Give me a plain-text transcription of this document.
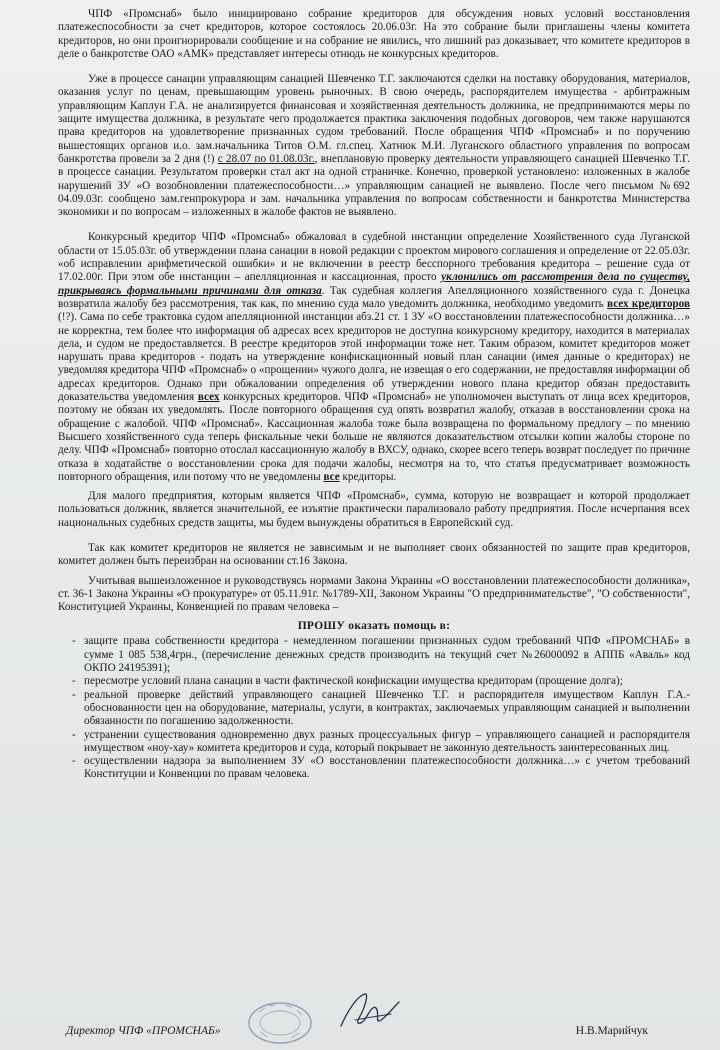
ЧПФ «Промснаб» было инициировано собрание кредиторов для обсуждения новых условий восстановления платежеспособности за счет кредиторов, которое состоялось 20.06.03г. На это собрание были приглашены члены комитета кредиторов, но они проигнорировали сообщение и на собрание не явились, что лишний раз доказывает, что комитете кредиторов в деле о банкротстве ОАО «АМК» представляет интересы отнюдь не конкурсных кредиторов.

Уже в процессе санации управляющим санацией Шевченко Т.Г. заключаются сделки на поставку оборудования, материалов, оказания услуг по ценам, превышающим уровень рыночных. В свою очередь, распорядителем имущества - арбитражным управляющим Каплун Г.А. не анализируется финансовая и хозяйственная деятельность должника, не предпринимаются меры по защите имущества должника, в результате чего продолжается практика заключения подобных договоров, чем также нарушаются права кредиторов на удовлетворение признанных судом требований. После обращения ЧПФ «Промснаб» и по поручению вышестоящих органов и.о. зам.начальника Титов О.М. гл.спец. Хатнюк М.И. Луганского областного управления по вопросам банкротства провели за 2 дня (!) с 28.07 по 01.08.03г., внеплановую проверку деятельности управляющего санацией Шевченко Т.Г. в процессе санации. Результатом проверки стал акт на одной страничке. Конечно, проверкой установлено: изложенных в жалобе нарушений ЗУ «О возобновлении платежеспособности…» управляющим санацией не выявлено. После чего письмом №692 04.09.03г. сообщено зам.генпрокурора и зам. начальника управления по вопросам собственности и банкротства Министерства экономики и по вопросам – изложенных в жалобе фактов не выявлено.

Конкурсный кредитор ЧПФ «Промснаб» обжаловал в судебной инстанции определение Хозяйственного суда Луганской области от 15.05.03г. об утверждении плана санации в новой редакции с проектом мирового соглашения и определение от 22.05.03г. «об исправлении арифметической ошибки» и не включении в реестр бесспорного требования кредитора – решение суда от 17.02.00г. При этом обе инстанции – апелляционная и кассационная, просто уклонились от рассмотрения дела по существу, прикрываясь формальными причинами для отказа. Так судебная коллегия Апелляционного хозяйственного суда г. Донецка возвратила жалобу без рассмотрения, так как, по мнению суда мало уведомить должника, необходимо уведомить всех кредиторов (!?). Сама по себе трактовка судом апелляционной инстанции абз.21 ст. 1 ЗУ «О восстановлении платежеспособности должника…» не корректна, тем более что информация об адресах всех кредиторов не доступна конкурсному кредитору, находится в материалах дела, и судом не предоставляется. В реестре кредиторов этой информации тоже нет. Таким образом, комитет кредиторов может нарушать права кредиторов - подать на утверждение конфискационный новый план санации (имея данные о кредиторах) не уведомляя кредитора ЧПФ «Промснаб» о «прощении» чужого долга, не извещая о его содержании, не предоставляя информации об адресах кредиторов. Однако при обжаловании определения об утверждении нового плана кредитор обязан предоставить доказательства уведомления всех конкурсных кредиторов. ЧПФ «Промснаб» не уполномочен выступать от лица всех кредиторов, поэтому не обязан их уведомлять. После повторного обращения суд опять возвратил жалобу, отказав в восстановлении срока на обращение с жалобой. ЧПФ «Промснаб». Кассационная жалоба тоже была возвращена по формальному предлогу – по мнению Высшего хозяйственного суда теперь фискальные чеки больше не являются доказательством отсылки копии жалобы стороне по делу. ЧПФ «Промснаб» повторно отослал кассационную жалобу в ВХСУ, однако, скорее всего теперь возврат последует по причине отказа в ходатайстве о восстановлении срока для подачи жалобы, несмотря на то, что статья предусматривает возможность повторного обращения, или потому что не уведомлены все кредиторы.

Для малого предприятия, которым является ЧПФ «Промснаб», сумма, которую не возвращает и которой продолжает пользоваться должник, является значительной, ее изъятие практически парализовало работу предприятия. После исчерпания всех национальных судебных средств защиты, мы будем вынуждены обратиться в Европейский суд.

Так как комитет кредиторов не является не зависимым и не выполняет своих обязанностей по защите прав кредиторов, комитет должен быть переизбран на основании ст.16 Закона.

Учитывая вышеизложенное и руководствуясь нормами Закона Украины «О восстановлении платежеспособности должника», ст. 36-1 Закона Украины «О прокуратуре» от 05.11.91г. №1789-XII, Законом Украины "О предпринимательстве", "О собственности", Конституцией Украины, Конвенцией по правам человека –

ПРОШУ оказать помощь в:
- защите права собственности кредитора - немедленном погашении признанных судом требований ЧПФ «ПРОМСНАБ» в сумме 1 085 538,4грн., (перечисление денежных средств производить на текущий счет №26000092 в АППБ «Аваль» код ОКПО 24195391);
- пересмотре условий плана санации в части фактической конфискации имущества кредиторам (прощение долга);
- реальной проверке действий управляющего санацией Шевченко Т.Г. и распорядителя имуществом Каплун Г.А.-обоснованности цен на оборудование, материалы, услуги, в контрактах, заключаемых управляющим санацией и выполнении обязанности по погашению задолженности.
- устранении существования одновременно двух разных процессуальных фигур – управляющего санацией и распорядителя имуществом «ноу-хау» комитета кредиторов и суда, который покрывает не законную деятельность заинтересованных лиц.
- осуществлении надзора за выполнением ЗУ «О восстановлении платежеспособности должника…» с учетом требований Конституции и Конвенции по правам человека.
Директор ЧПФ «ПРОМСНАБ»	Н.В.Марийчук
